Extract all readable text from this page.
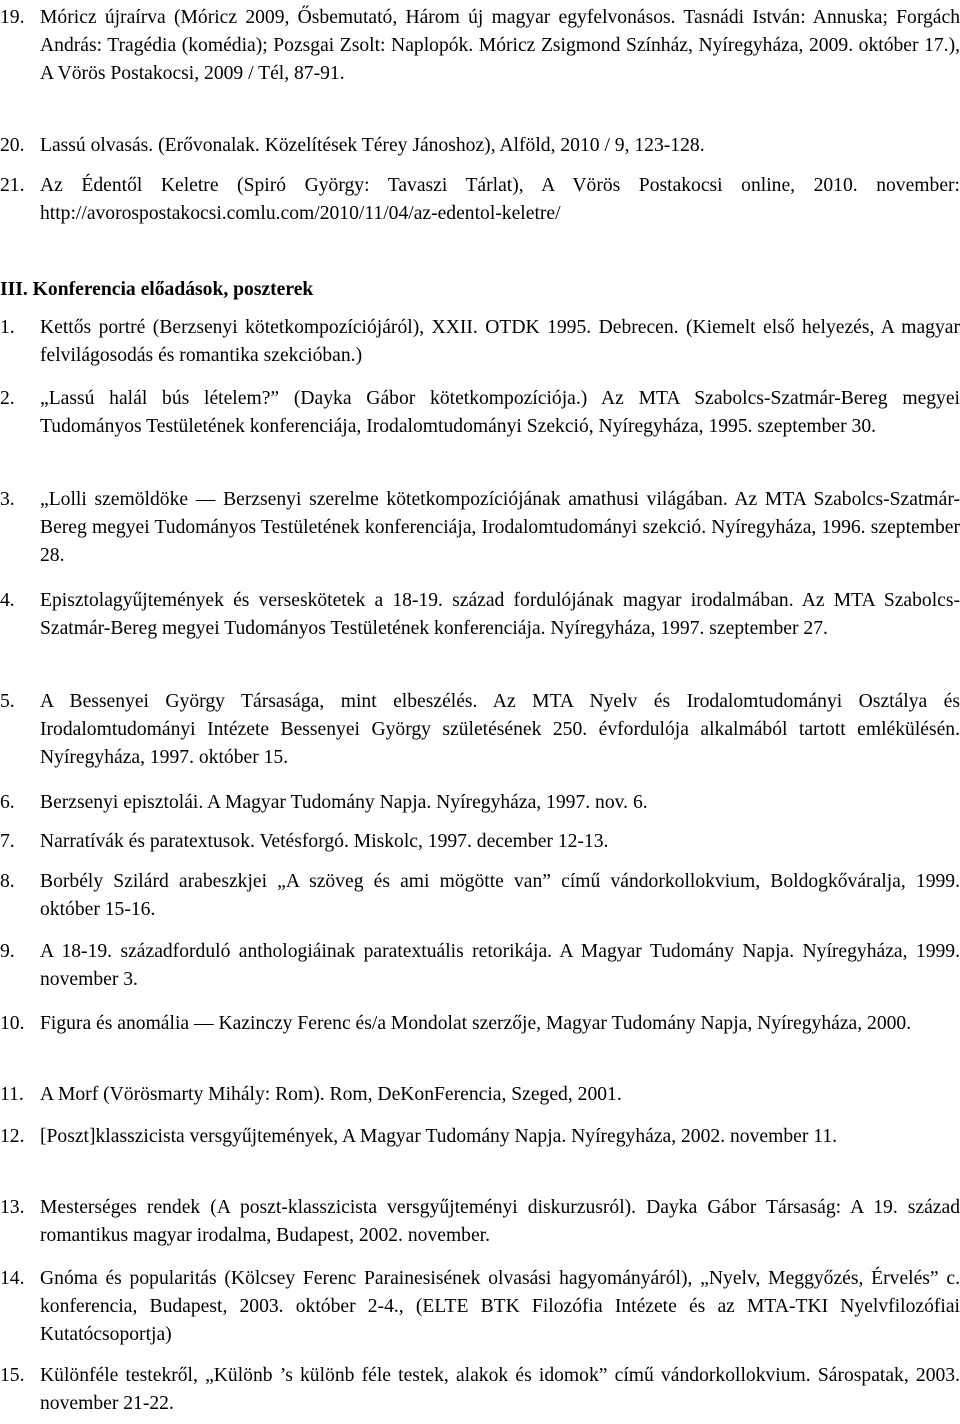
19. Móricz újraírva (Móricz 2009, Ősbemutató, Három új magyar egyfelvonásos. Tasnádi István: Annuska; Forgách András: Tragédia (komédia); Pozsgai Zsolt: Naplopók. Móricz Zsigmond Színház, Nyíregyháza, 2009. október 17.), A Vörös Postakocsi, 2009 / Tél, 87-91.
20. Lassú olvasás. (Erővonalak. Közelítések Térey Jánoshoz), Alföld, 2010 / 9, 123-128.
21. Az Édentől Keletre (Spiró György: Tavaszi Tárlat), A Vörös Postakocsi online, 2010. november: http://avorospostakocsi.comlu.com/2010/11/04/az-edentol-keletre/
III. Konferencia előadások, poszterek
1.	Kettős portré (Berzsenyi kötetkompozíciójáról), XXII. OTDK 1995. Debrecen. (Kiemelt első helyezés, A magyar felvilágosodás és romantika szekcióban.)
2.	„Lassú halál bús lételem?” (Dayka Gábor kötetkompozíciója.) Az MTA Szabolcs-Szatmár-Bereg megyei Tudományos Testületének konferenciája, Irodalomtudományi Szekció, Nyíregyháza, 1995. szeptember 30.
3.	„Lolli szemöldöke ― Berzsenyi szerelme kötetkompozíciójának amathusi világában. Az MTA Szabolcs-Szatmár-Bereg megyei Tudományos Testületének konferenciája, Irodalomtudományi szekció. Nyíregyháza, 1996. szeptember 28.
4.	Episztolagyűjtemények és verseskötetek a 18-19. század fordulójának magyar irodalmában. Az MTA Szabolcs-Szatmár-Bereg megyei Tudományos Testületének konferenciája. Nyíregyháza, 1997. szeptember 27.
5.	A Bessenyei György Társasága, mint elbeszélés. Az MTA Nyelv és Irodalomtudományi Osztálya és Irodalomtudományi Intézete Bessenyei György születésének 250. évfordulója alkalmából tartott emlékülésén. Nyíregyháza, 1997. október 15.
6.	Berzsenyi episztolái. A Magyar Tudomány Napja. Nyíregyháza, 1997. nov. 6.
7.	Narratívák és paratextusok. Vetésforgó. Miskolc, 1997. december 12-13.
8.	Borbély Szilárd arabeszkjei „A szöveg és ami mögötte van” című vándorkollokvium, Boldogkőváralja, 1999. október 15-16.
9.	A 18-19. századforduló anthologiáinak paratextuális retorikája. A Magyar Tudomány Napja. Nyíregyháza, 1999. november 3.
10. Figura és anomália ― Kazinczy Ferenc és/a Mondolat szerzője, Magyar Tudomány Napja, Nyíregyháza, 2000.
11. A Morf (Vörösmarty Mihály: Rom). Rom, DeKonFerencia, Szeged, 2001.
12. [Poszt]klasszicista versgyűjtemények, A Magyar Tudomány Napja. Nyíregyháza, 2002. november 11.
13. Mesterséges rendek (A poszt-klasszicista versgyűjteményi diskurzusról). Dayka Gábor Társaság: A 19. század romantikus magyar irodalma, Budapest, 2002. november.
14. Gnóma és popularitás (Kölcsey Ferenc Parainesisének olvasási hagyományáról), „Nyelv, Meggyőzés, Érvelés” c. konferencia, Budapest, 2003. október 2-4., (ELTE BTK Filozófia Intézete és az MTA-TKI Nyelvfilozófiai Kutatócsoportja)
15. Különféle testekről, „Különb ’s különb féle testek, alakok és idomok” című vándorkollokvium. Sárospatak, 2003. november 21-22.
